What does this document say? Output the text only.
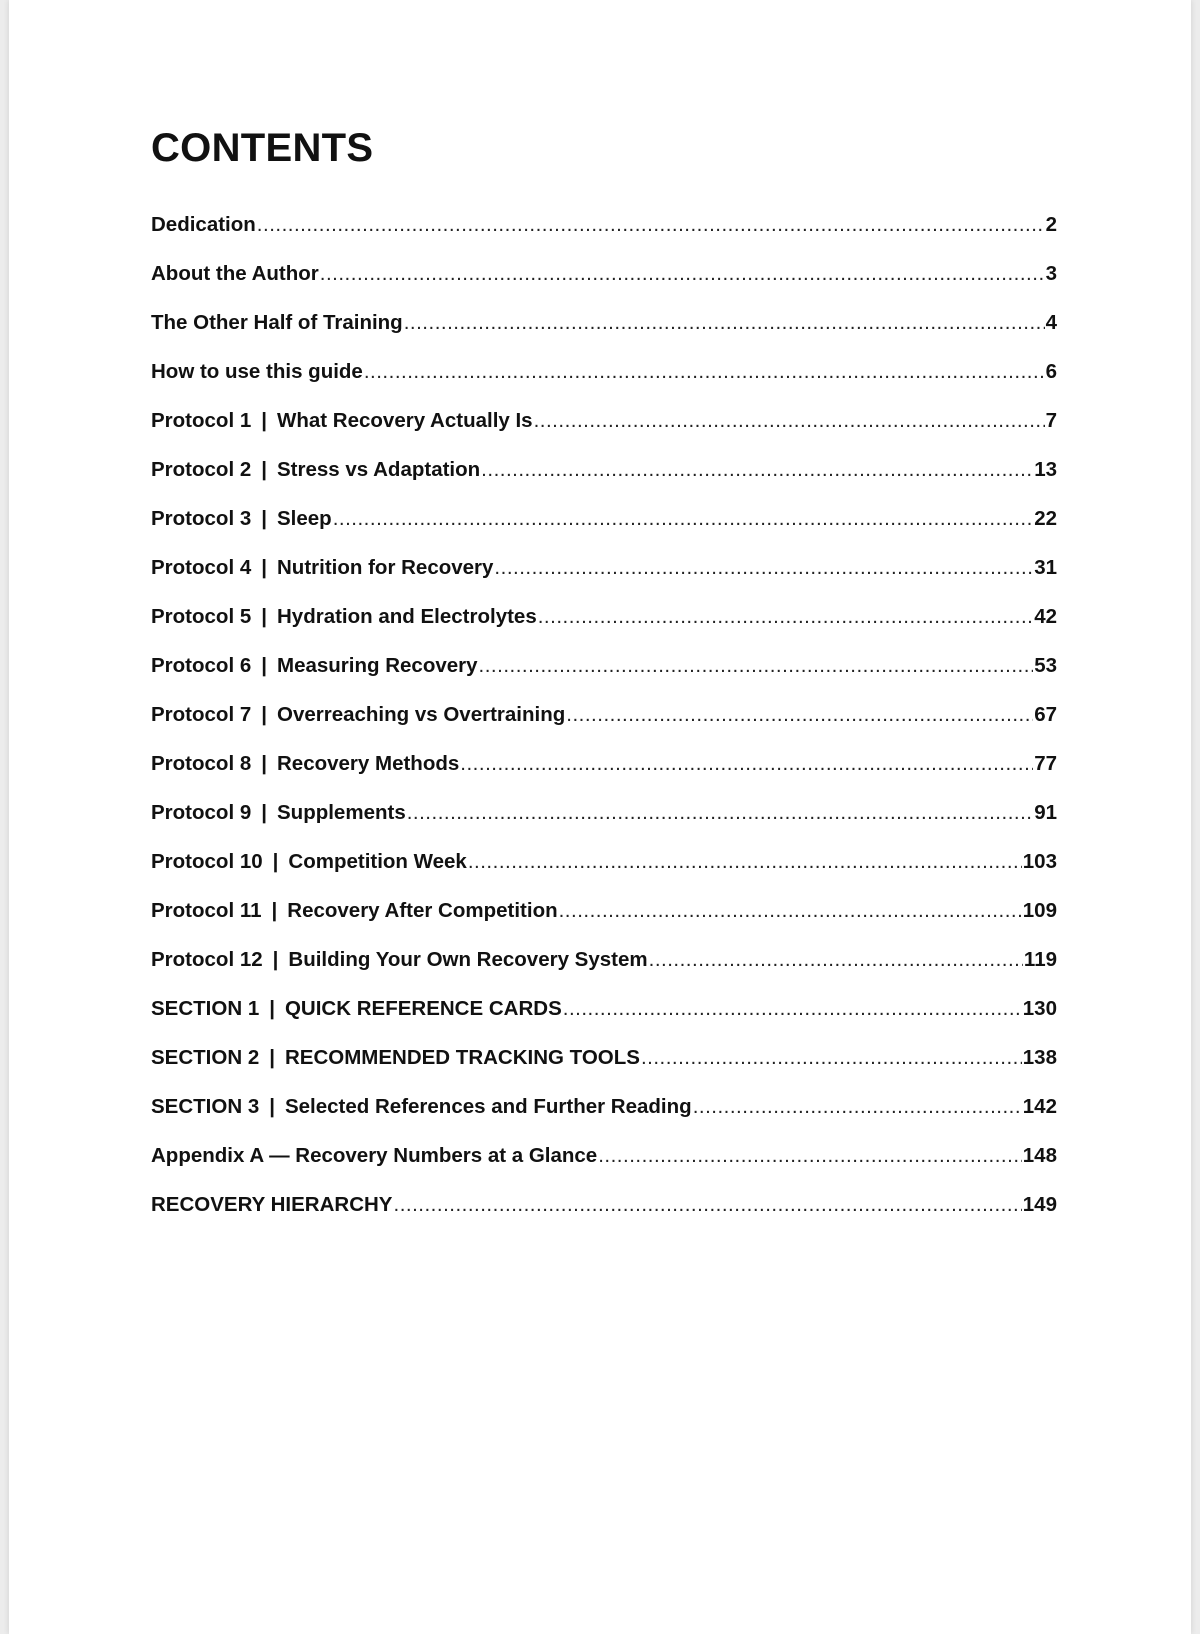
CONTENTS
Dedication .....	2
About the Author .....	3
The Other Half of Training .....	4
How to use this guide .....	6
Protocol 1 | What Recovery Actually Is .....	7
Protocol 2 | Stress vs Adaptation .....	13
Protocol 3 | Sleep .....	22
Protocol 4 | Nutrition for Recovery .....	31
Protocol 5 | Hydration and Electrolytes .....	42
Protocol 6 | Measuring Recovery .....	53
Protocol 7 | Overreaching vs Overtraining .....	67
Protocol 8 | Recovery Methods .....	77
Protocol 9 | Supplements .....	91
Protocol 10 | Competition Week .....	103
Protocol 11 | Recovery After Competition .....	109
Protocol 12 | Building Your Own Recovery System .....	119
SECTION 1 | QUICK REFERENCE CARDS .....	130
SECTION 2 | RECOMMENDED TRACKING TOOLS .....	138
SECTION 3 | Selected References and Further Reading .....	142
Appendix A — Recovery Numbers at a Glance .....	148
RECOVERY HIERARCHY .....	149
